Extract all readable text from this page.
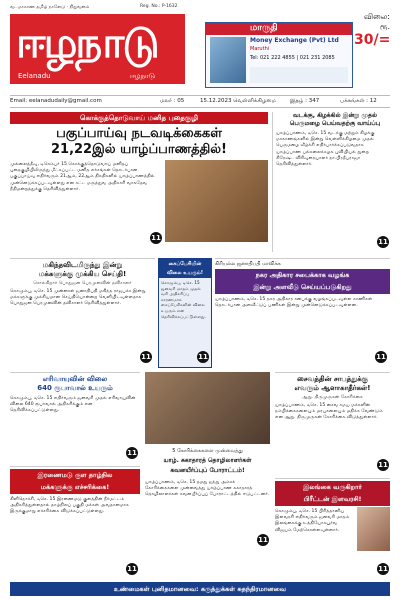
வடமாகாண தமிழ் நாளேடு · நிறுவனம்	Reg. No.: P-1632
ஈழநாடு
Eelanadu	ஈழநாடு
மாருதி
Money Exchange (Pvt) Ltd
Maruthi
Tel: 021 222 4855 | 021 231 2085
விலை: ரூ. 30/=
Email: eelanadudaily@gmail.com	மலர் : 05	15.12.2023 வெள்ளிக்கிழமை	இதழ் : 347	பக்கங்கள் : 12
கொக்குத்தொடுவாய் மனித புதைகுழி
பகுப்பாய்வு நடவடிக்கைகள்
21,22இல் யாழ்ப்பாணத்தில்!
முல்லைத்தீவு, டிசெம்பர் 15 கொக்குத்தொடுவாய் மனிதப் புதைகுழியிலிருந்து மீட்கப்பட்ட மனித எச்சங்கள் தொடர்பான பகுப்பாய்வு எதிர்வரும் 21ஆம், 22ஆம் திகதிகளில் யாழ்ப்பாணத்தில் முன்னெடுக்கப்படவுள்ளது என சட்ட மருத்துவ அதிகாரி வாசுதேவ நீதிமன்றத்துக்கு தெரிவித்துள்ளார்.
11
வடக்கு, கிழக்கில் இன்று முதல்
பெருமழை பெய்வதற்கு வாய்ப்பு
யாழ்ப்பாணம், டிசெ. 15 வடக்கு மற்றும் கிழக்கு மாகாணங்களில் இன்று வெள்ளிக்கிழமை முதல் பெருமழை வீழ்ச்சி எதிர்பார்க்கப்படுவதாக யாழ்ப்பாண பல்கலைக்கழக புவியியல் துறை சிரேஷ்ட விரிவுரையாளர் நா.பிரதீபராஜா தெரிவித்துள்ளார்.
11
மகிந்தவிடமிருந்து இன்று
மக்களுக்கு முக்கிய செய்தி!
சொல்கிறார் பொதுஜன பெரமுனவின் தவிசாளர்
கொழும்பு, டிசெ. 15 முன்னாள் ஜனாதிபதி மகிந்த ராஜபக்ச இன்று மக்களுக்கு முக்கியமான செய்தியொன்றை வெளியிடவுள்ளதாக பொதுஜன பெரமுனவின் தவிசாளர் தெரிவித்துள்ளார்.
11
கைப்பேசியின்
விலை உயரும்!
கொழும்பு, டிசெ. 15 ஜனவரி மாதம் முதல் வரி அதிகரிப்பு காரணமாக கைப்பேசிகளின் விலை உயரும் என தெரிவிக்கப்பட்டுள்ளது.
11
கிரியல்ல ஜனாதிபதி மாவிக்க
நகர அதிகார சபைக்காக வழங்க
இன்று அளவீடு செய்யப்படுகிறது
யாழ்ப்பாணம், டிசெ. 15 நகர அதிகார சபைக்கு வழங்கப்படவுள்ள காணிகள் தொடர்பான அளவீட்டுப் பணிகள் இன்று முன்னெடுக்கப்படவுள்ளன.
11
எரிவாயுவின் விலை
640 ரூபாவால் உயரும்
கொழும்பு, டிசெ. 15 எதிர்வரும் ஜனவரி முதல் எரிவாயுவின் விலை 640 ரூபாவால் அதிகரிக்கும் என தெரிவிக்கப்பட்டுள்ளது.
11	5 கோரிக்கைகளை முன்வைத்து
யாழ். சுகாதாரத் தொழிலாளர்கள்
கவனயீர்ப்புப் போராட்டம்!
யாழ்ப்பாணம், டிசெ. 15 தமது ஐந்து அம்சக் கோரிக்கைகளை முன்வைத்து யாழ்ப்பாண சுகாதாரத் தொழிலாளர்கள் கவனயீர்ப்புப் போராட்டத்தில் ஈடுபட்டனர்.
11
சைவத்தின் சாபத்துக்கு
எவரும் ஆளாகாதீர்கள்!
ஆறு. திருமுருகன் கோரிக்கை
யாழ்ப்பாணம், டிசெ. 15 சைவ சமய மக்களின் நம்பிக்கைகளையும் மரபுகளையும் மதிக்க வேண்டும் என ஆறு. திருமுருகன் கோரிக்கை விடுத்துள்ளார்.
11
இரணைமடு குள தாழ்நில
மக்களுக்கு எச்சரிக்கை!
கிளிநொச்சி, டிசெ. 15 இரணைமடு குளத்தின் நீர்மட்டம் அதிகரித்துள்ளதால் தாழ்நிலப் பகுதி மக்கள் அவதானமாக இருக்குமாறு எச்சரிக்கை விடுக்கப்பட்டுள்ளது.
11
இலங்கை வருகிறார்
பிரீட்டன் இளவரசி!
கொழும்பு, டிசெ. 15 பிரித்தானிய இளவரசி எதிர்வரும் ஜனவரி மாதம் இலங்கைக்கு உத்தியோகபூர்வ விஜயம் மேற்கொள்ளவுள்ளார்.
11
உண்மைகள் புனிதமானவை: கருத்துக்கள் சுதந்திரமானவை
